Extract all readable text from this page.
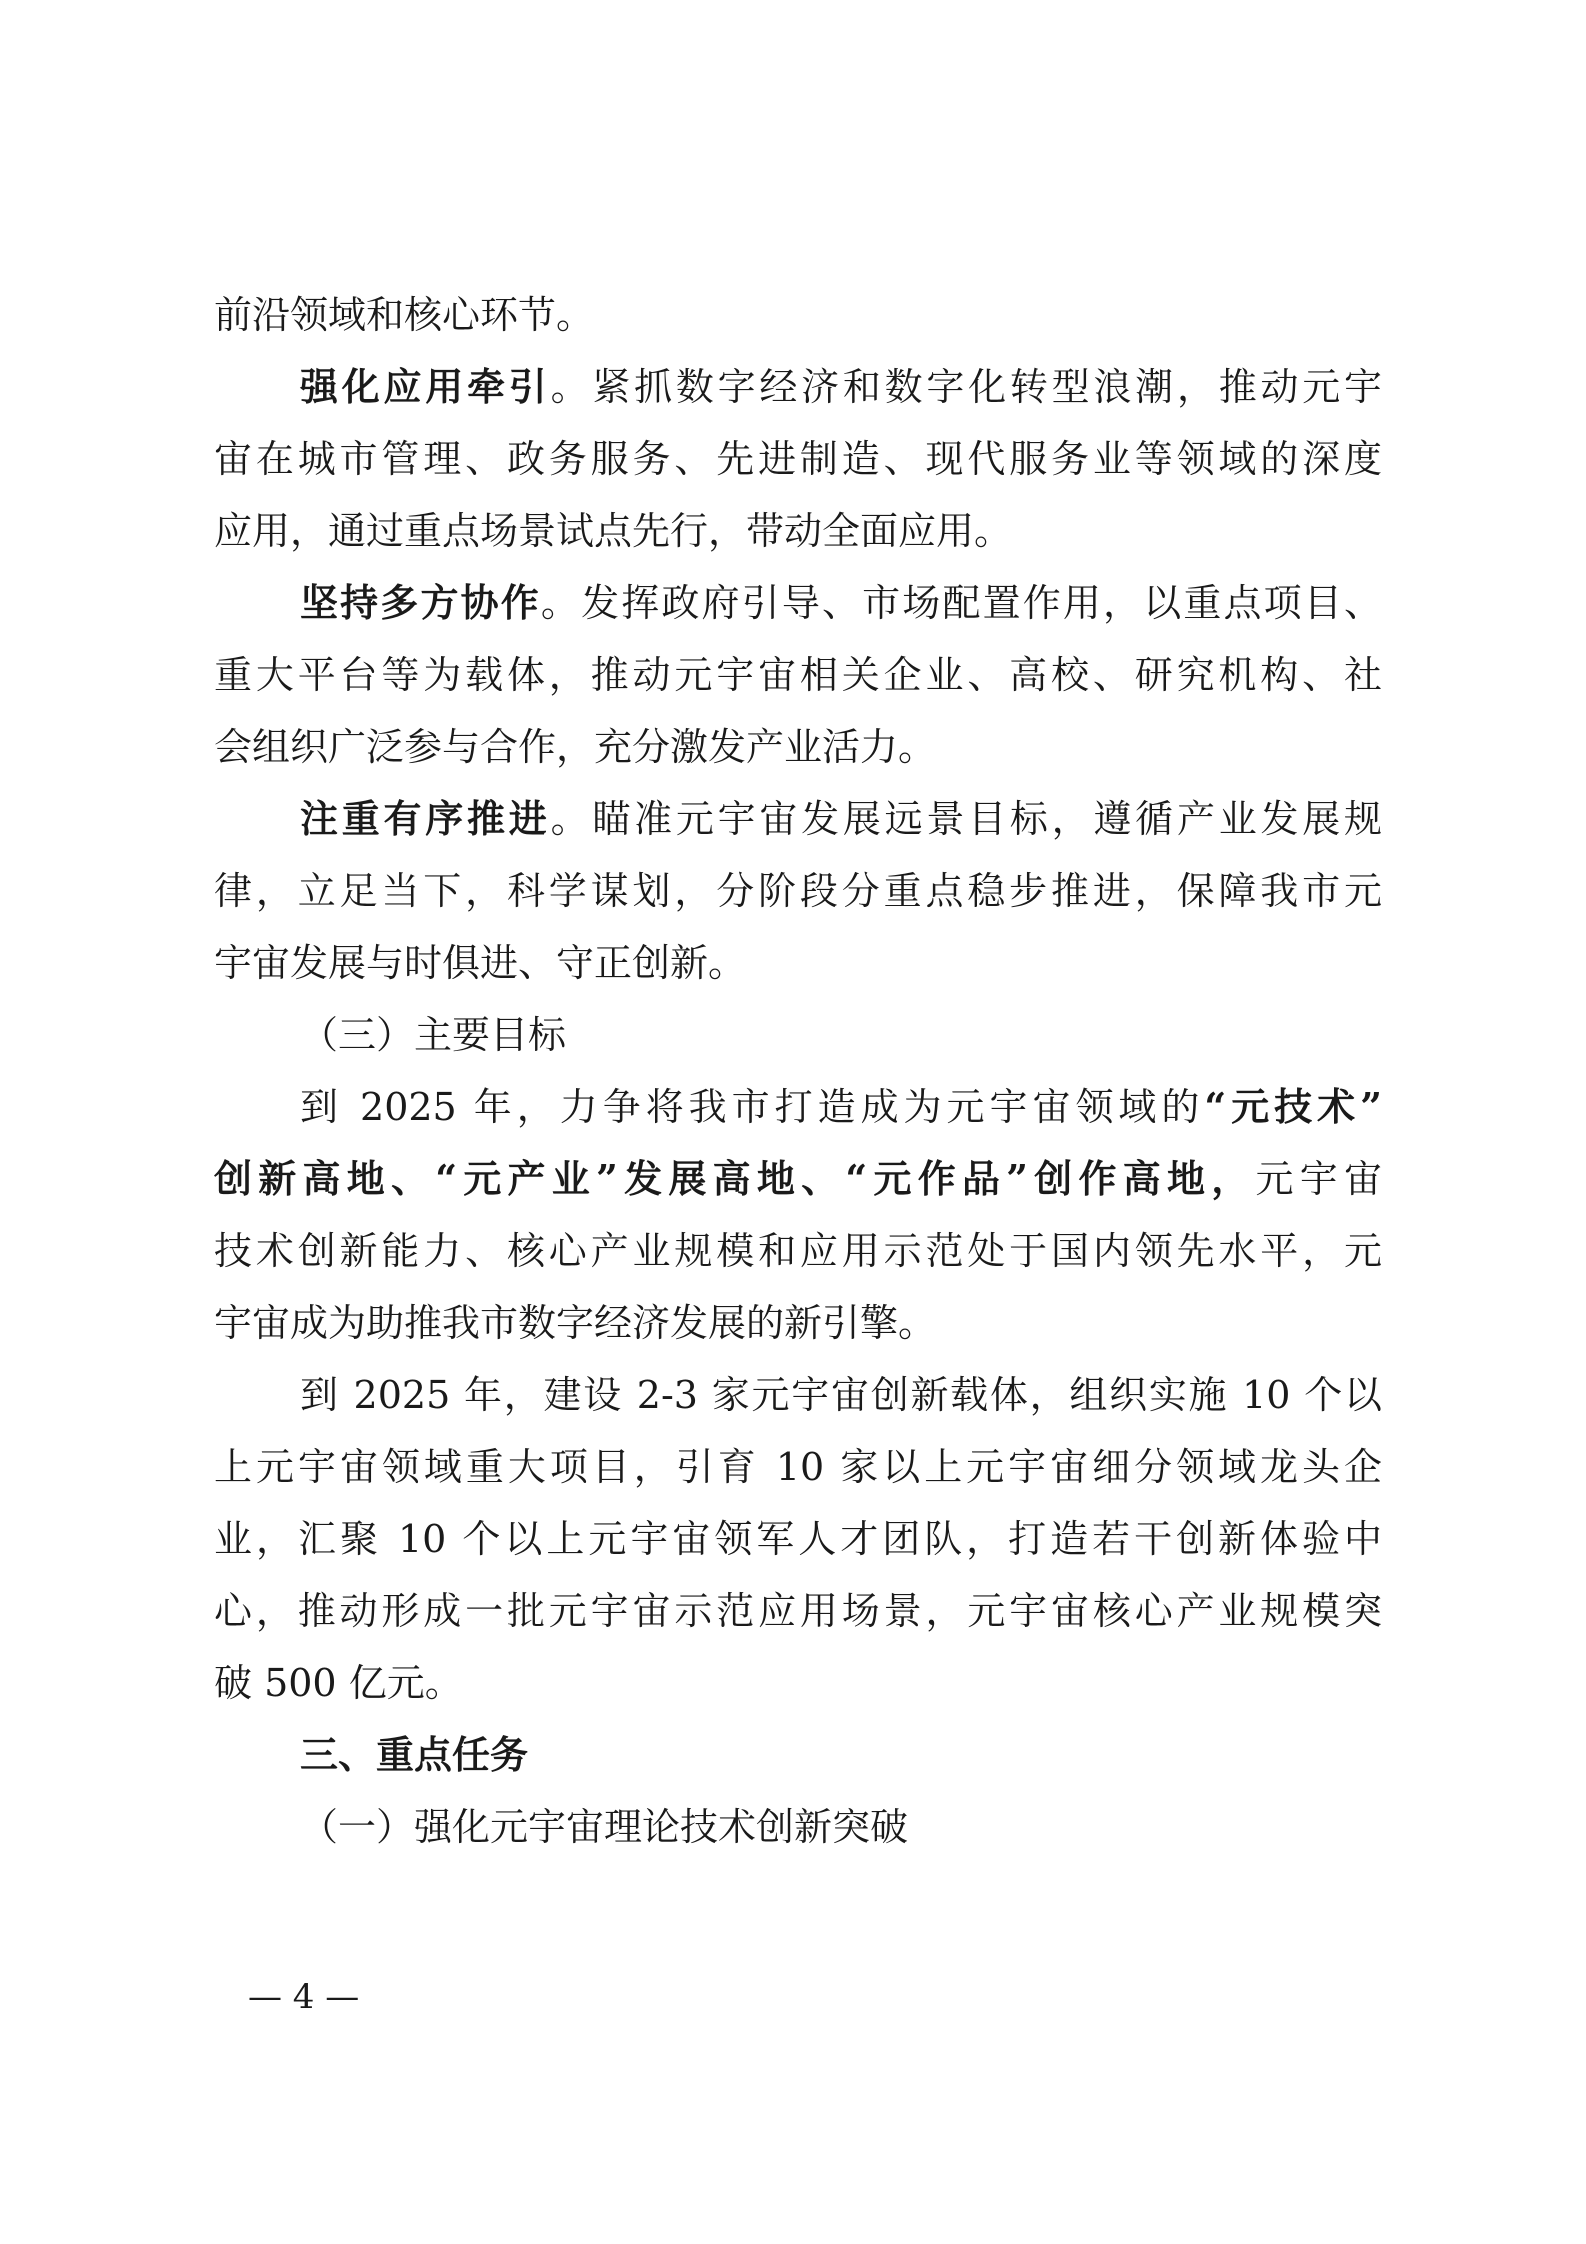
前沿领域和核心环节。

强化应用牵引。紧抓数字经济和数字化转型浪潮，推动元宇

宙在城市管理、政务服务、先进制造、现代服务业等领域的深度

应用，通过重点场景试点先行，带动全面应用。

坚持多方协作。发挥政府引导、市场配置作用，以重点项目、

重大平台等为载体，推动元宇宙相关企业、高校、研究机构、社

会组织广泛参与合作，充分激发产业活力。

注重有序推进。瞄准元宇宙发展远景目标，遵循产业发展规

律，立足当下，科学谋划，分阶段分重点稳步推进，保障我市元

宇宙发展与时俱进、守正创新。

（三）主要目标

到 2025 年，力争将我市打造成为元宇宙领域的“元技术”

创新高地、“元产业”发展高地、“元作品”创作高地，元宇宙

技术创新能力、核心产业规模和应用示范处于国内领先水平，元

宇宙成为助推我市数字经济发展的新引擎。

到 2025 年，建设 2-3 家元宇宙创新载体，组织实施 10 个以

上元宇宙领域重大项目，引育 10 家以上元宇宙细分领域龙头企

业，汇聚 10 个以上元宇宙领军人才团队，打造若干创新体验中

心，推动形成一批元宇宙示范应用场景，元宇宙核心产业规模突

破 500 亿元。

三、重点任务

（一）强化元宇宙理论技术创新突破

— 4 —
